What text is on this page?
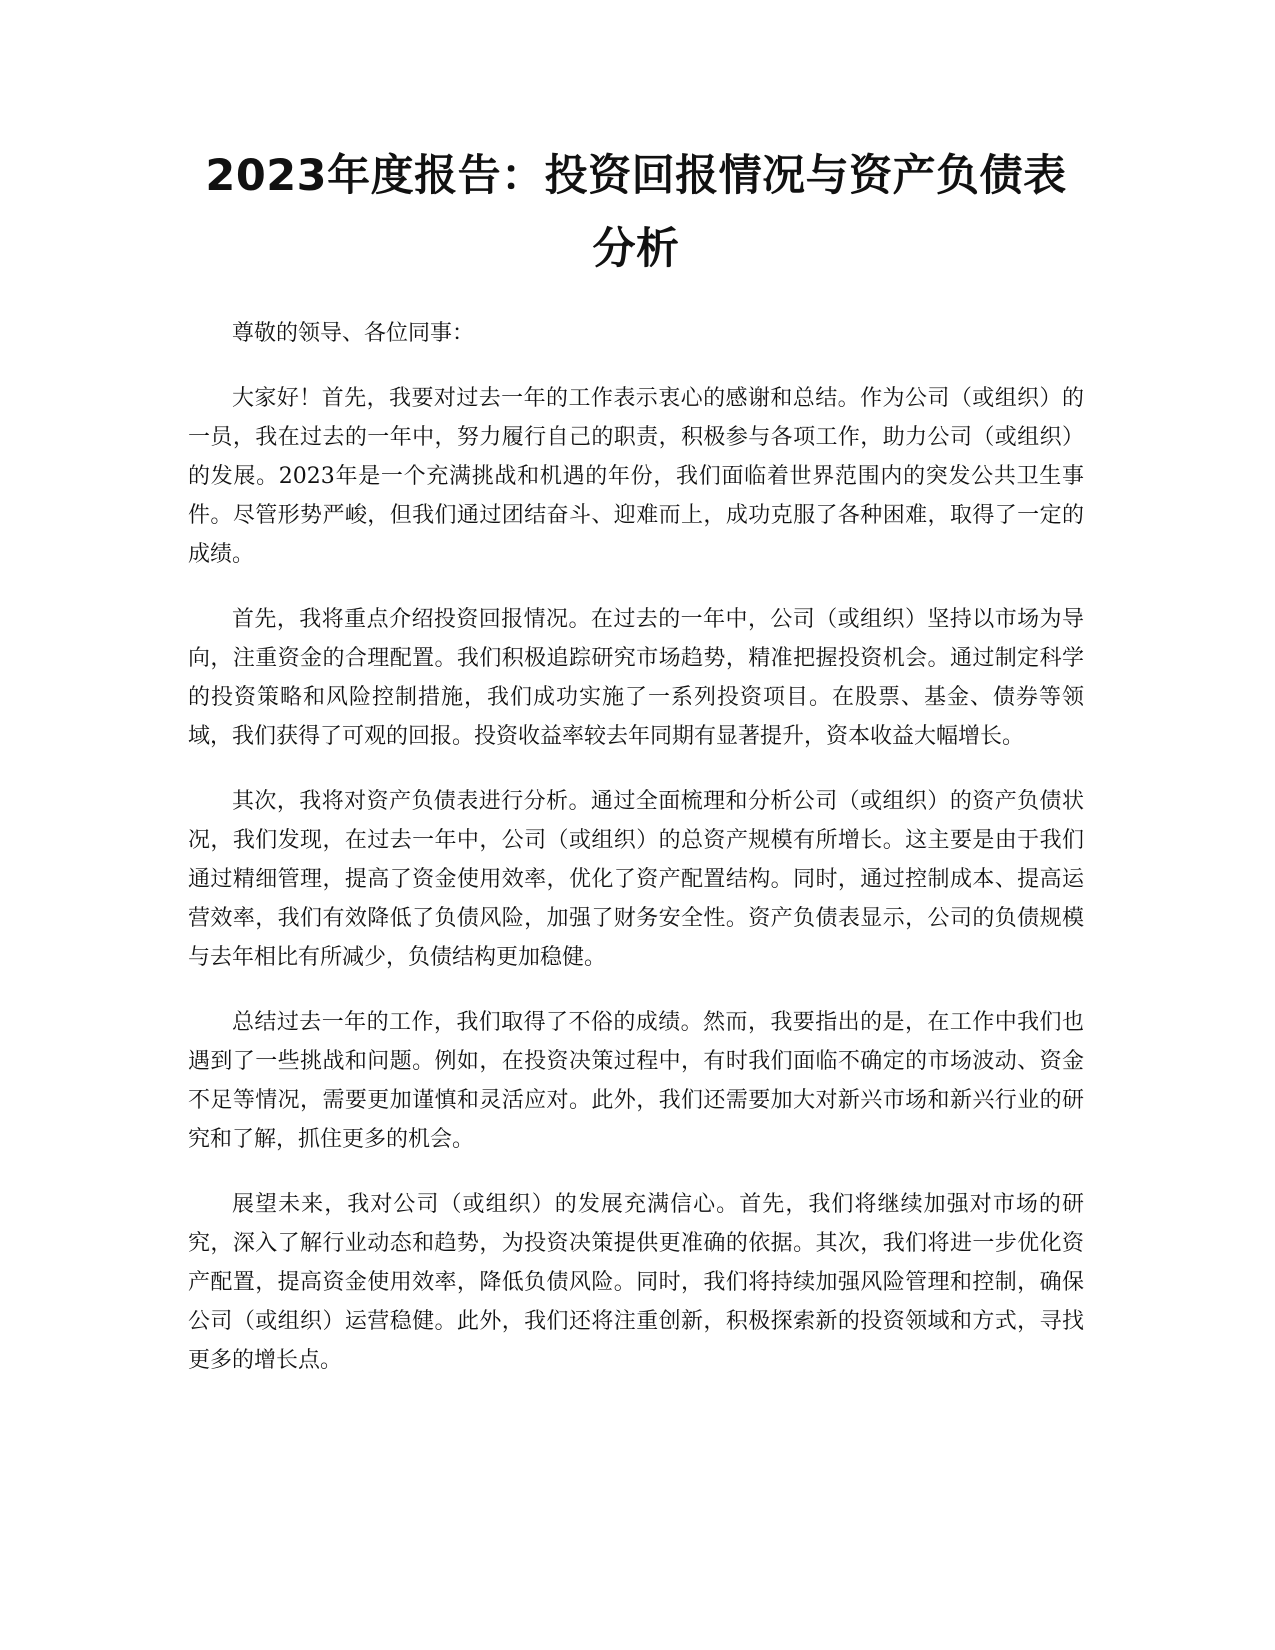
2023年度报告：投资回报情况与资产负债表
分析

尊敬的领导、各位同事：

大家好！首先，我要对过去一年的工作表示衷心的感谢和总结。作为公司（或组织）的一员，我在过去的一年中，努力履行自己的职责，积极参与各项工作，助力公司（或组织）的发展。2023年是一个充满挑战和机遇的年份，我们面临着世界范围内的突发公共卫生事件。尽管形势严峻，但我们通过团结奋斗、迎难而上，成功克服了各种困难，取得了一定的成绩。

首先，我将重点介绍投资回报情况。在过去的一年中，公司（或组织）坚持以市场为导向，注重资金的合理配置。我们积极追踪研究市场趋势，精准把握投资机会。通过制定科学的投资策略和风险控制措施，我们成功实施了一系列投资项目。在股票、基金、债券等领域，我们获得了可观的回报。投资收益率较去年同期有显著提升，资本收益大幅增长。

其次，我将对资产负债表进行分析。通过全面梳理和分析公司（或组织）的资产负债状况，我们发现，在过去一年中，公司（或组织）的总资产规模有所增长。这主要是由于我们通过精细管理，提高了资金使用效率，优化了资产配置结构。同时，通过控制成本、提高运营效率，我们有效降低了负债风险，加强了财务安全性。资产负债表显示，公司的负债规模与去年相比有所减少，负债结构更加稳健。

总结过去一年的工作，我们取得了不俗的成绩。然而，我要指出的是，在工作中我们也遇到了一些挑战和问题。例如，在投资决策过程中，有时我们面临不确定的市场波动、资金不足等情况，需要更加谨慎和灵活应对。此外，我们还需要加大对新兴市场和新兴行业的研究和了解，抓住更多的机会。

展望未来，我对公司（或组织）的发展充满信心。首先，我们将继续加强对市场的研究，深入了解行业动态和趋势，为投资决策提供更准确的依据。其次，我们将进一步优化资产配置，提高资金使用效率，降低负债风险。同时，我们将持续加强风险管理和控制，确保公司（或组织）运营稳健。此外，我们还将注重创新，积极探索新的投资领域和方式，寻找更多的增长点。
